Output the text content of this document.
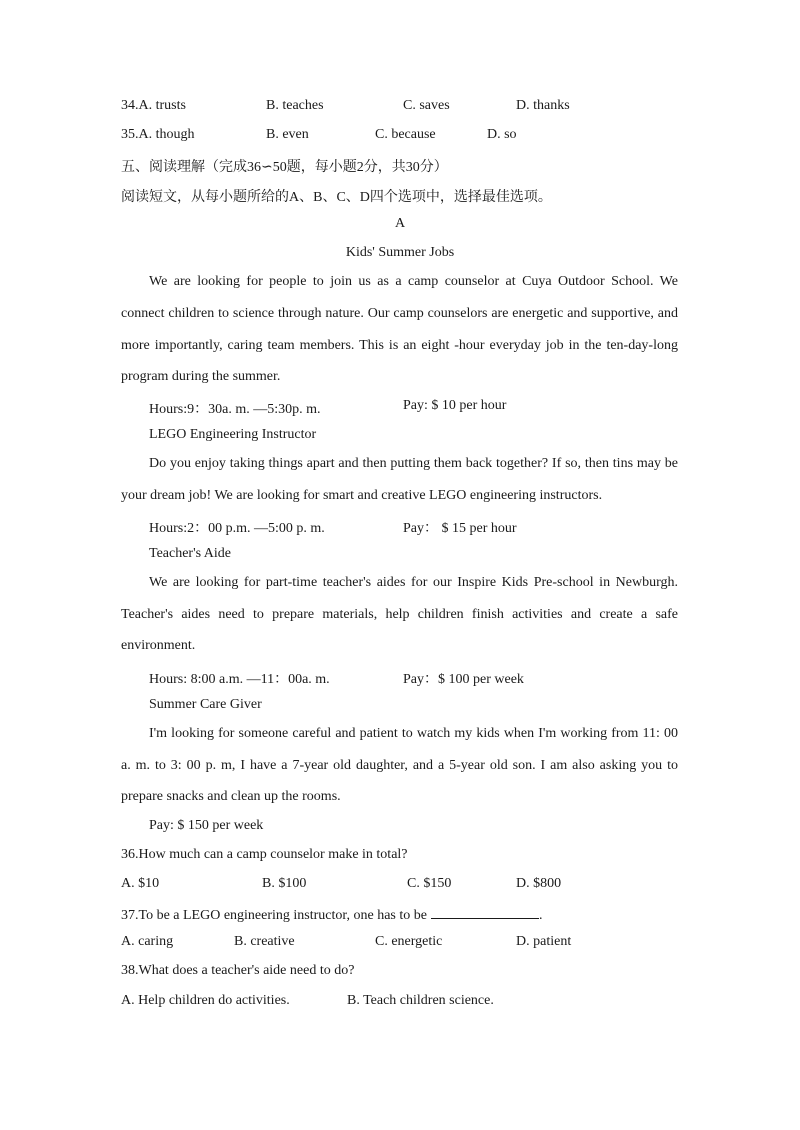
34.A. trusts	B. teaches	C. saves	D. thanks
35.A. though	B. even	C. because	D. so
五、阅读理解（完成36∽50题，每小题2分，共30分）
阅读短文，从每小题所给的A、B、C、D四个选项中，选择最佳选项。
A
Kids' Summer Jobs
We are looking for people to join us as a camp counselor at Cuya Outdoor School. We
connect children to science through nature. Our camp counselors are energetic and supportive, and
more importantly, caring team members. This is an eight -hour everyday job in the ten-day-long
program during the summer.
Hours:9：30a. m. —5:30p. m.	Pay: $ 10 per hour
LEGO Engineering Instructor
Do you enjoy taking things apart and then putting them back together? If so, then tins may be
your dream job! We are looking for smart and creative LEGO engineering instructors.
Hours:2：00 p.m. —5:00 p. m.	Pay： $ 15 per hour
Teacher's Aide
We are looking for part-time teacher's aides for our Inspire Kids Pre-school in Newburgh.
Teacher's aides need to prepare materials, help children finish activities and create a safe
environment.
Hours: 8:00 a.m. —11：00a. m.	Pay：$ 100 per week
Summer Care Giver
I'm looking for someone careful and patient to watch my kids when I'm working from 11: 00
a. m. to 3: 00 p. m, I have a 7-year old daughter, and a 5-year old son. I am also asking you to
prepare snacks and clean up the rooms.
Pay: $ 150 per week
36.How much can a camp counselor make in total?
A. $10	B. $100	C. $150	D. $800
37.To be a LEGO engineering instructor, one has to be	.
A. caring	B. creative	C. energetic	D. patient
38.What does a teacher's aide need to do?
A. Help children do activities.	B. Teach children science.
